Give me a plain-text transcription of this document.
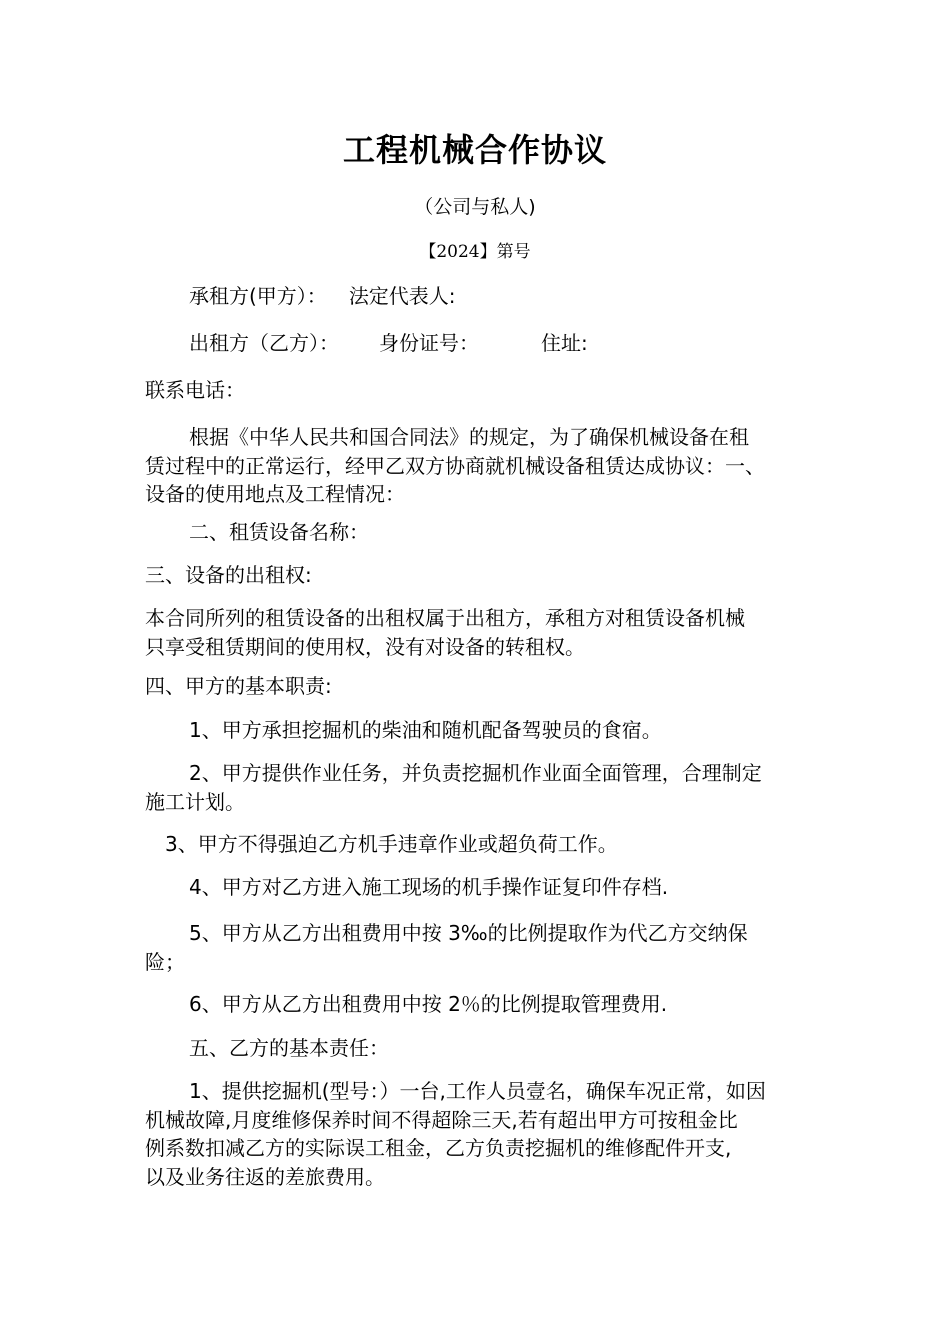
工程机械合作协议
（公司与私人)
【2024】第号
承租方(甲方）： 法定代表人:
出租方（乙方）： 身份证号：	住址:
联系电话：
根据《中华人民共和国合同法》的规定，为了确保机械设备在租
赁过程中的正常运行，经甲乙双方协商就机械设备租赁达成协议：一、
设备的使用地点及工程情况：
二、租赁设备名称：
三、设备的出租权:
本合同所列的租赁设备的出租权属于出租方，承租方对租赁设备机械
只享受租赁期间的使用权，没有对设备的转租权。
四、甲方的基本职责:
1、甲方承担挖掘机的柴油和随机配备驾驶员的食宿。
2、甲方提供作业任务，并负责挖掘机作业面全面管理，合理制定
施工计划。
3、甲方不得强迫乙方机手违章作业或超负荷工作。
4、甲方对乙方进入施工现场的机手操作证复印件存档.
5、甲方从乙方出租费用中按 3‰的比例提取作为代乙方交纳保
险；
6、甲方从乙方出租费用中按 2％的比例提取管理费用.
五、乙方的基本责任：
1、提供挖掘机(型号：）一台,工作人员壹名，确保车况正常，如因
机械故障,月度维修保养时间不得超除三天,若有超出甲方可按租金比
例系数扣减乙方的实际误工租金，乙方负责挖掘机的维修配件开支,
以及业务往返的差旅费用。
